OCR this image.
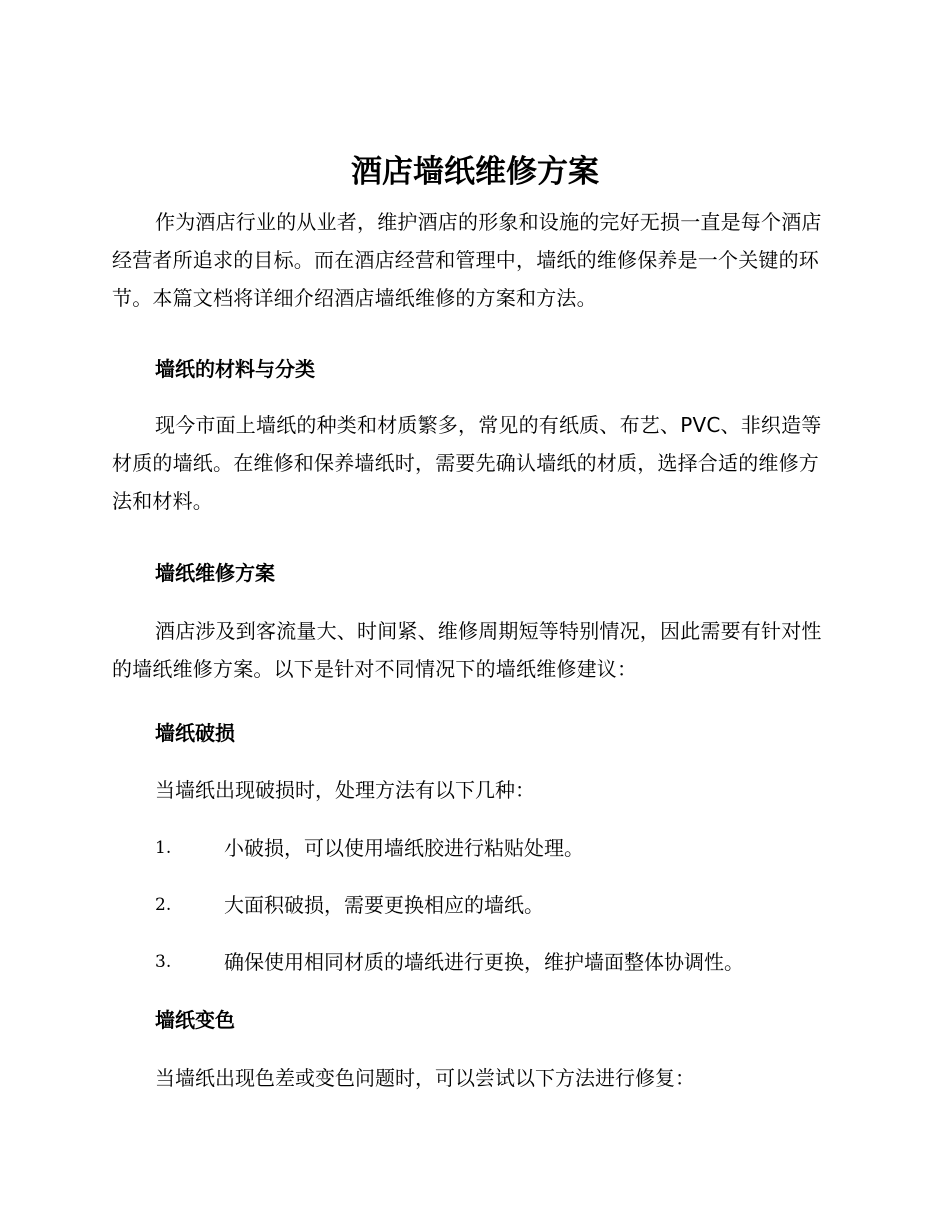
酒店墙纸维修方案

作为酒店行业的从业者，维护酒店的形象和设施的完好无损一直是每个酒店经营者所追求的目标。而在酒店经营和管理中，墙纸的维修保养是一个关键的环节。本篇文档将详细介绍酒店墙纸维修的方案和方法。

墙纸的材料与分类

现今市面上墙纸的种类和材质繁多，常见的有纸质、布艺、PVC、非织造等材质的墙纸。在维修和保养墙纸时，需要先确认墙纸的材质，选择合适的维修方法和材料。

墙纸维修方案

酒店涉及到客流量大、时间紧、维修周期短等特别情况，因此需要有针对性的墙纸维修方案。以下是针对不同情况下的墙纸维修建议：

墙纸破损

当墙纸出现破损时，处理方法有以下几种：

1.	小破损，可以使用墙纸胶进行粘贴处理。
2.	大面积破损，需要更换相应的墙纸。
3.	确保使用相同材质的墙纸进行更换，维护墙面整体协调性。
墙纸变色

当墙纸出现色差或变色问题时，可以尝试以下方法进行修复：
